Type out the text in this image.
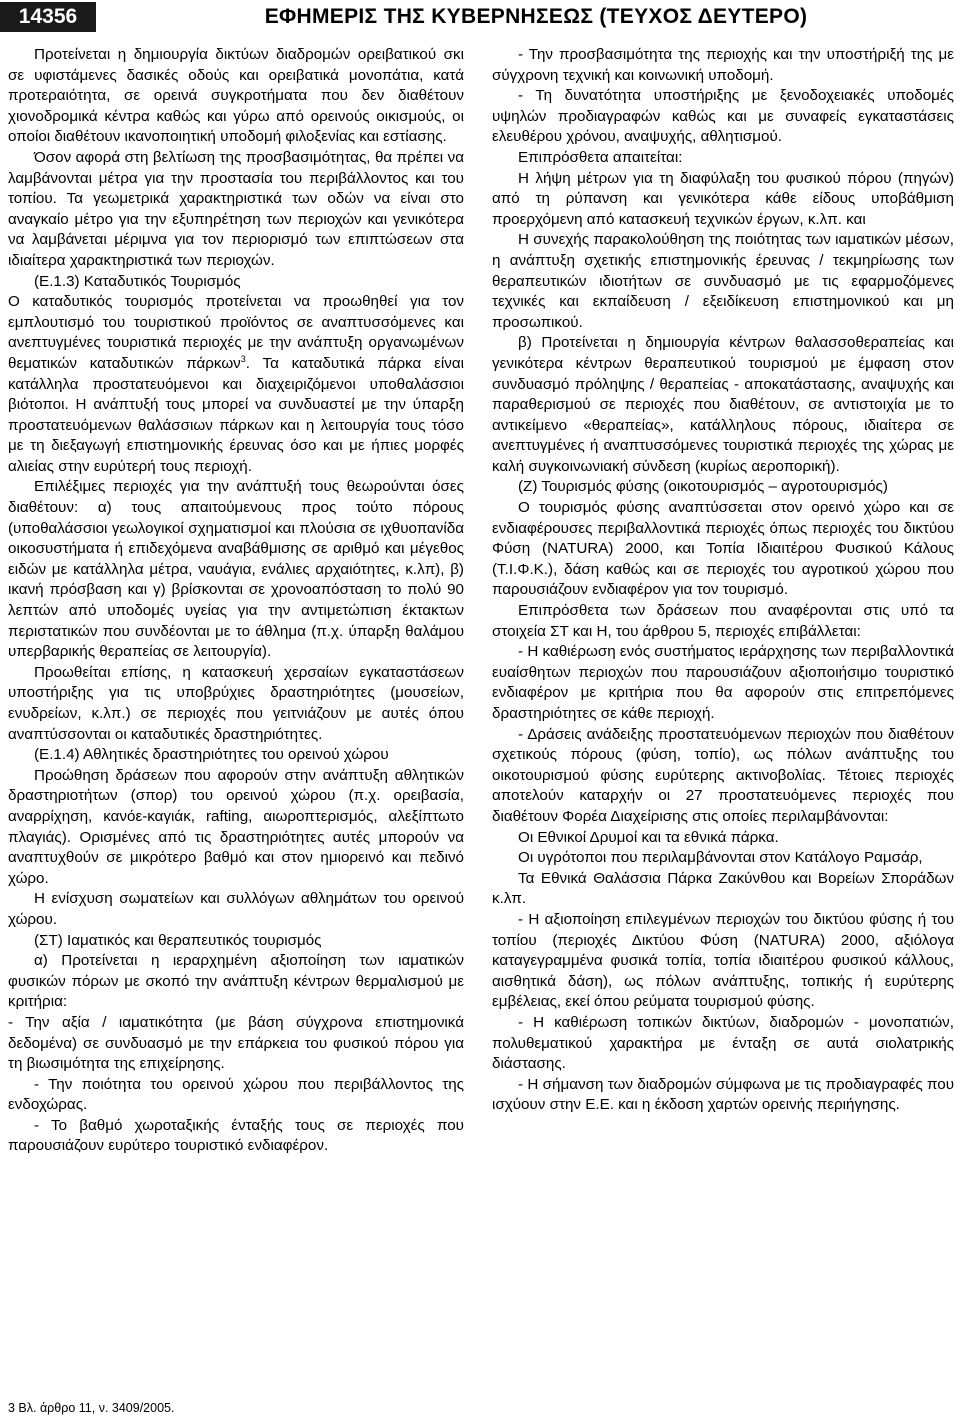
14356	ΕΦΗΜΕΡΙΣ ΤΗΣ ΚΥΒΕΡΝΗΣΕΩΣ (ΤΕΥΧΟΣ ΔΕΥΤΕΡΟ)

Προτείνεται η δημιουργία δικτύων διαδρομών ορειβατικού σκι σε υφιστάμενες δασικές οδούς και ορειβατικά μονοπάτια, κατά προτεραιότητα, σε ορεινά συγκροτήματα που δεν διαθέτουν χιονοδρομικά κέντρα καθώς και γύρω από ορεινούς οικισμούς, οι οποίοι διαθέτουν ικανοποιητική υποδομή φιλοξενίας και εστίασης.

Όσον αφορά στη βελτίωση της προσβασιμότητας, θα πρέπει να λαμβάνονται μέτρα για την προστασία του περιβάλλοντος και του τοπίου. Τα γεωμετρικά χαρακτηριστικά των οδών να είναι στο αναγκαίο μέτρο για την εξυπηρέτηση των περιοχών και γενικότερα να λαμβάνεται μέριμνα για τον περιορισμό των επιπτώσεων στα ιδιαίτερα χαρακτηριστικά των περιοχών.

(Ε.1.3) Καταδυτικός Τουρισμός

Ο καταδυτικός τουρισμός προτείνεται να προωθηθεί για τον εμπλουτισμό του τουριστικού προϊόντος σε αναπτυσσόμενες και ανεπτυγμένες τουριστικά περιοχές με την ανάπτυξη οργανωμένων θεματικών καταδυτικών πάρκων$^3$. Τα καταδυτικά πάρκα είναι κατάλληλα προστατευόμενοι και διαχειριζόμενοι υποθαλάσσιοι βιότοποι. Η ανάπτυξή τους μπορεί να συνδυαστεί με την ύπαρξη προστατευόμενων θαλάσσιων πάρκων και η λειτουργία τους τόσο με τη διεξαγωγή επιστημονικής έρευνας όσο και με ήπιες μορφές αλιείας στην ευρύτερή τους περιοχή.

Επιλέξιμες περιοχές για την ανάπτυξή τους θεωρούνται όσες διαθέτουν: α) τους απαιτούμενους προς τούτο πόρους (υποθαλάσσιοι γεωλογικοί σχηματισμοί και πλούσια σε ιχθυοπανίδα οικοσυστήματα ή επιδεχόμενα αναβάθμισης σε αριθμό και μέγεθος ειδών με κατάλληλα μέτρα, ναυάγια, ενάλιες αρχαιότητες, κ.λπ), β) ικανή πρόσβαση και γ) βρίσκονται σε χρονοαπόσταση το πολύ 90 λεπτών από υποδομές υγείας για την αντιμετώπιση έκτακτων περιστατικών που συνδέονται με το άθλημα (π.χ. ύπαρξη θαλάμου υπερβαρικής θεραπείας σε λειτουργία).

Προωθείται επίσης, η κατασκευή χερσαίων εγκαταστάσεων υποστήριξης για τις υποβρύχιες δραστηριότητες (μουσείων, ενυδρείων, κ.λπ.) σε περιοχές που γειτνιάζουν με αυτές όπου αναπτύσσονται οι καταδυτικές δραστηριότητες.

(Ε.1.4) Αθλητικές δραστηριότητες του ορεινού χώρου

Προώθηση δράσεων που αφορούν στην ανάπτυξη αθλητικών δραστηριοτήτων (σπορ) του ορεινού χώρου (π.χ. ορειβασία, αναρρίχηση, κανόε-καγιάκ, rafting, αιωροπτερισμός, αλεξίπτωτο πλαγιάς). Ορισμένες από τις δραστηριότητες αυτές μπορούν να αναπτυχθούν σε μικρότερο βαθμό και στον ημιορεινό και πεδινό χώρο.

Η ενίσχυση σωματείων και συλλόγων αθλημάτων του ορεινού χώρου.

(ΣΤ) Ιαματικός και θεραπευτικός τουρισμός

α) Προτείνεται η ιεραρχημένη αξιοποίηση των ιαματικών φυσικών πόρων με σκοπό την ανάπτυξη κέντρων θερμαλισμού με κριτήρια:

- Την αξία / ιαματικότητα (με βάση σύγχρονα επιστημονικά δεδομένα) σε συνδυασμό με την επάρκεια του φυσικού πόρου για τη βιωσιμότητα της επιχείρησης.

- Την ποιότητα του ορεινού χώρου που περιβάλλοντος της ενδοχώρας.

- Το βαθμό χωροταξικής ένταξής τους σε περιοχές που παρουσιάζουν ευρύτερο τουριστικό ενδιαφέρον.

- Την προσβασιμότητα της περιοχής και την υποστήριξή της με σύγχρονη τεχνική και κοινωνική υποδομή.

- Τη δυνατότητα υποστήριξης με ξενοδοχειακές υποδομές υψηλών προδιαγραφών καθώς και με συναφείς εγκαταστάσεις ελευθέρου χρόνου, αναψυχής, αθλητισμού.

Επιπρόσθετα απαιτείται:

Η λήψη μέτρων για τη διαφύλαξη του φυσικού πόρου (πηγών) από τη ρύπανση και γενικότερα κάθε είδους υποβάθμιση προερχόμενη από κατασκευή τεχνικών έργων, κ.λπ. και

Η συνεχής παρακολούθηση της ποιότητας των ιαματικών μέσων, η ανάπτυξη σχετικής επιστημονικής έρευνας / τεκμηρίωσης των θεραπευτικών ιδιοτήτων σε συνδυασμό με τις εφαρμοζόμενες τεχνικές και εκπαίδευση / εξειδίκευση επιστημονικού και μη προσωπικού.

β) Προτείνεται η δημιουργία κέντρων θαλασσοθεραπείας και γενικότερα κέντρων θεραπευτικού τουρισμού με έμφαση στον συνδυασμό πρόληψης / θεραπείας - αποκατάστασης, αναψυχής και παραθερισμού σε περιοχές που διαθέτουν, σε αντιστοιχία με το αντικείμενο «θεραπείας», κατάλληλους πόρους, ιδιαίτερα σε ανεπτυγμένες ή αναπτυσσόμενες τουριστικά περιοχές της χώρας με καλή συγκοινωνιακή σύνδεση (κυρίως αεροπορική).

(Ζ) Τουρισμός φύσης (οικοτουρισμός – αγροτουρισμός)

Ο τουρισμός φύσης αναπτύσσεται στον ορεινό χώρο και σε ενδιαφέρουσες περιβαλλοντικά περιοχές όπως περιοχές του δικτύου Φύση (NATURA) 2000, και Τοπία Ιδιαιτέρου Φυσικού Κάλους (Τ.Ι.Φ.Κ.), δάση καθώς και σε περιοχές του αγροτικού χώρου που παρουσιάζουν ενδιαφέρον για τον τουρισμό.

Επιπρόσθετα των δράσεων που αναφέρονται στις υπό τα στοιχεία ΣΤ και Η, του άρθρου 5, περιοχές επιβάλλεται:

- Η καθιέρωση ενός συστήματος ιεράρχησης των περιβαλλοντικά ευαίσθητων περιοχών που παρουσιάζουν αξιοποιήσιμο τουριστικό ενδιαφέρον με κριτήρια που θα αφορούν στις επιτρεπόμενες δραστηριότητες σε κάθε περιοχή.

- Δράσεις ανάδειξης προστατευόμενων περιοχών που διαθέτουν σχετικούς πόρους (φύση, τοπίο), ως πόλων ανάπτυξης του οικοτουρισμού φύσης ευρύτερης ακτινοβολίας. Τέτοιες περιοχές αποτελούν καταρχήν οι 27 προστατευόμενες περιοχές που διαθέτουν Φορέα Διαχείρισης στις οποίες περιλαμβάνονται:

Οι Εθνικοί Δρυμοί και τα εθνικά πάρκα.

Οι υγρότοποι που περιλαμβάνονται στον Κατάλογο Ραμσάρ,

Τα Εθνικά Θαλάσσια Πάρκα Ζακύνθου και Βορείων Σποράδων κ.λπ.

- Η αξιοποίηση επιλεγμένων περιοχών του δικτύου φύσης ή του τοπίου (περιοχές Δικτύου Φύση (NATURA) 2000, αξιόλογα καταγεγραμμένα φυσικά τοπία, τοπία ιδιαιτέρου φυσικού κάλλους, αισθητικά δάση), ως πόλων ανάπτυξης, τοπικής ή ευρύτερης εμβέλειας, εκεί όπου ρεύματα τουρισμού φύσης.

- Η καθιέρωση τοπικών δικτύων, διαδρομών - μονοπατιών, πολυθεματικού χαρακτήρα με ένταξη σε αυτά σιολατρικής διάστασης.

- Η σήμανση των διαδρομών σύμφωνα με τις προδιαγραφές που ισχύουν στην Ε.Ε. και η έκδοση χαρτών ορεινής περιήγησης.

3 Βλ. άρθρο 11, ν. 3409/2005.
